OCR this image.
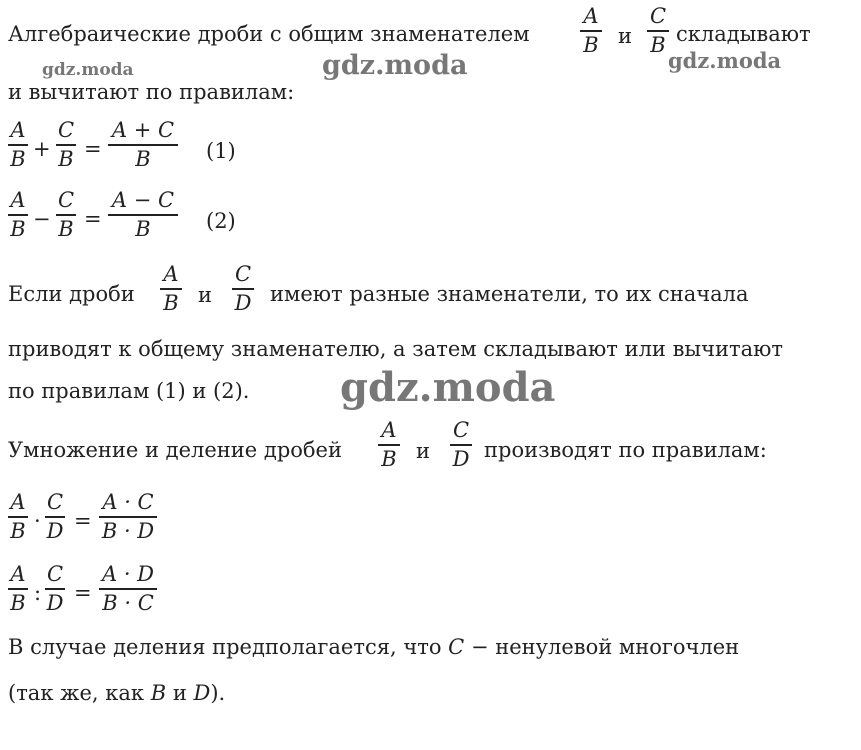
Алгебраические дроби с общим знаменателем
A
B и
C
B складывают
и вычитают по правилам:
A
B +
C
B =
A + C
B	(1)
A
B −
C
B =
A − C
B	(2)
Если дроби
A
B и
C
D имеют разные знаменатели, то их сначала
приводят к общему знаменателю, а затем складывают или вычитают
по правилам (1) и (2).
Умножение и деление дробей
A
B и
C
D производят по правилам:
A
B ·
C
D =
A · C
B · D
A
B :
C
D =
A · D
B · C
В случае деления предполагается, что C − ненулевой многочлен
(так же, как B и D).
gdz.moda	gdz.moda	gdz.moda
gdz.moda
